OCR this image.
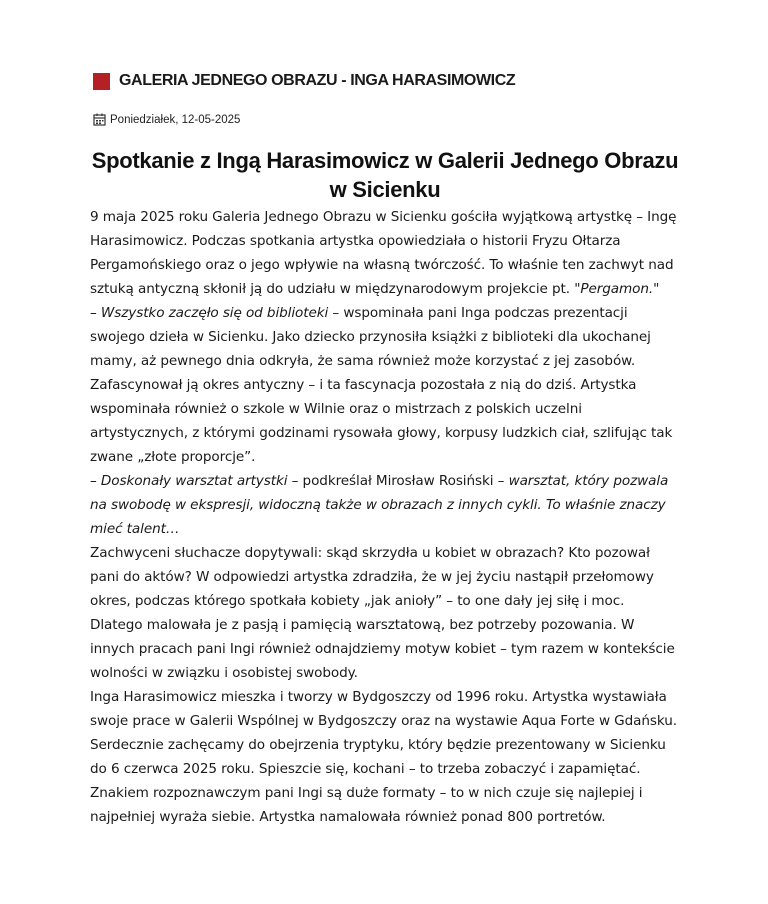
GALERIA JEDNEGO OBRAZU - INGA HARASIMOWICZ
Poniedziałek, 12-05-2025
Spotkanie z Ingą Harasimowicz w Galerii Jednego Obrazu w Sicienku

9 maja 2025 roku Galeria Jednego Obrazu w Sicienku gościła wyjątkową artystkę – Ingę Harasimowicz. Podczas spotkania artystka opowiedziała o historii Fryzu Ołtarza Pergamońskiego oraz o jego wpływie na własną twórczość. To właśnie ten zachwyt nad sztuką antyczną skłonił ją do udziału w międzynarodowym projekcie pt. "Pergamon."

– Wszystko zaczęło się od biblioteki – wspominała pani Inga podczas prezentacji swojego dzieła w Sicienku. Jako dziecko przynosiła książki z biblioteki dla ukochanej mamy, aż pewnego dnia odkryła, że sama również może korzystać z jej zasobów. Zafascynował ją okres antyczny – i ta fascynacja pozostała z nią do dziś. Artystka wspominała również o szkole w Wilnie oraz o mistrzach z polskich uczelni artystycznych, z którymi godzinami rysowała głowy, korpusy ludzkich ciał, szlifując tak zwane „złote proporcje”.

– Doskonały warsztat artystki – podkreślał Mirosław Rosiński – warsztat, który pozwala na swobodę w ekspresji, widoczną także w obrazach z innych cykli. To właśnie znaczy mieć talent…

Zachwyceni słuchacze dopytywali: skąd skrzydła u kobiet w obrazach? Kto pozował pani do aktów? W odpowiedzi artystka zdradziła, że w jej życiu nastąpił przełomowy okres, podczas którego spotkała kobiety „jak anioły” – to one dały jej siłę i moc. Dlatego malowała je z pasją i pamięcią warsztatową, bez potrzeby pozowania. W innych pracach pani Ingi również odnajdziemy motyw kobiet – tym razem w kontekście wolności w związku i osobistej swobody.

Inga Harasimowicz mieszka i tworzy w Bydgoszczy od 1996 roku. Artystka wystawiała swoje prace w Galerii Wspólnej w Bydgoszczy oraz na wystawie Aqua Forte w Gdańsku.

Serdecznie zachęcamy do obejrzenia tryptyku, który będzie prezentowany w Sicienku do 6 czerwca 2025 roku. Spieszcie się, kochani – to trzeba zobaczyć i zapamiętać.

Znakiem rozpoznawczym pani Ingi są duże formaty – to w nich czuje się najlepiej i najpełniej wyraża siebie. Artystka namalowała również ponad 800 portretów.
